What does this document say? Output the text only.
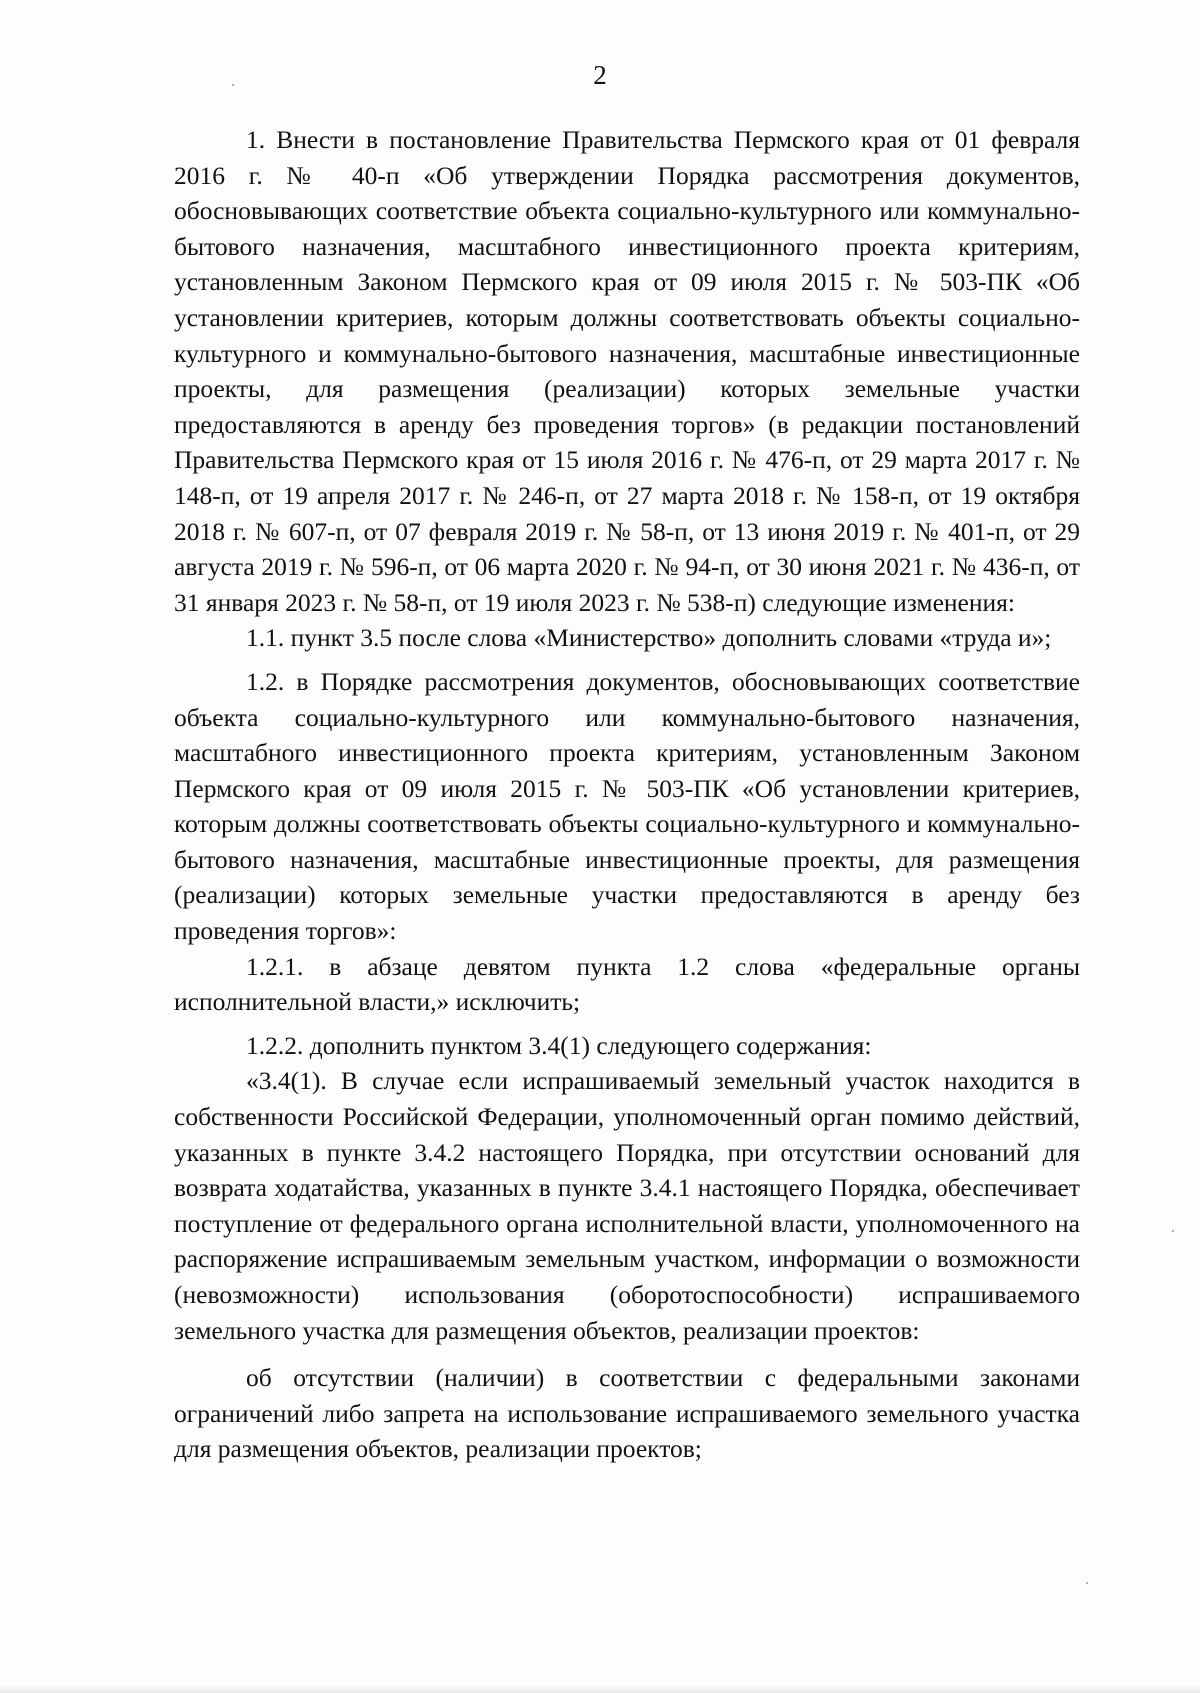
2

1. Внести в постановление Правительства Пермского края от 01 февраля 2016 г. № 40-п «Об утверждении Порядка рассмотрения документов, обосновывающих соответствие объекта социально-культурного или коммунально-бытового назначения, масштабного инвестиционного проекта критериям, установленным Законом Пермского края от 09 июля 2015 г. № 503-ПК «Об установлении критериев, которым должны соответствовать объекты социально-культурного и коммунально-бытового назначения, масштабные инвестиционные проекты, для размещения (реализации) которых земельные участки предоставляются в аренду без проведения торгов» (в редакции постановлений Правительства Пермского края от 15 июля 2016 г. № 476-п, от 29 марта 2017 г. № 148-п, от 19 апреля 2017 г. № 246-п, от 27 марта 2018 г. № 158-п, от 19 октября 2018 г. № 607-п, от 07 февраля 2019 г. № 58-п, от 13 июня 2019 г. № 401-п, от 29 августа 2019 г. № 596-п, от 06 марта 2020 г. № 94-п, от 30 июня 2021 г. № 436-п, от 31 января 2023 г. № 58-п, от 19 июля 2023 г. № 538-п) следующие изменения:

1.1. пункт 3.5 после слова «Министерство» дополнить словами «труда и»;

1.2. в Порядке рассмотрения документов, обосновывающих соответствие объекта социально-культурного или коммунально-бытового назначения, масштабного инвестиционного проекта критериям, установленным Законом Пермского края от 09 июля 2015 г. № 503-ПК «Об установлении критериев, которым должны соответствовать объекты социально-культурного и коммунально-бытового назначения, масштабные инвестиционные проекты, для размещения (реализации) которых земельные участки предоставляются в аренду без проведения торгов»:

1.2.1. в абзаце девятом пункта 1.2 слова «федеральные органы исполнительной власти,» исключить;

1.2.2. дополнить пунктом 3.4(1) следующего содержания:

«3.4(1). В случае если испрашиваемый земельный участок находится в собственности Российской Федерации, уполномоченный орган помимо действий, указанных в пункте 3.4.2 настоящего Порядка, при отсутствии оснований для возврата ходатайства, указанных в пункте 3.4.1 настоящего Порядка, обеспечивает поступление от федерального органа исполнительной власти, уполномоченного на распоряжение испрашиваемым земельным участком, информации о возможности (невозможности) использования (оборотоспособности) испрашиваемого земельного участка для размещения объектов, реализации проектов:

об отсутствии (наличии) в соответствии с федеральными законами ограничений либо запрета на использование испрашиваемого земельного участка для размещения объектов, реализации проектов;
